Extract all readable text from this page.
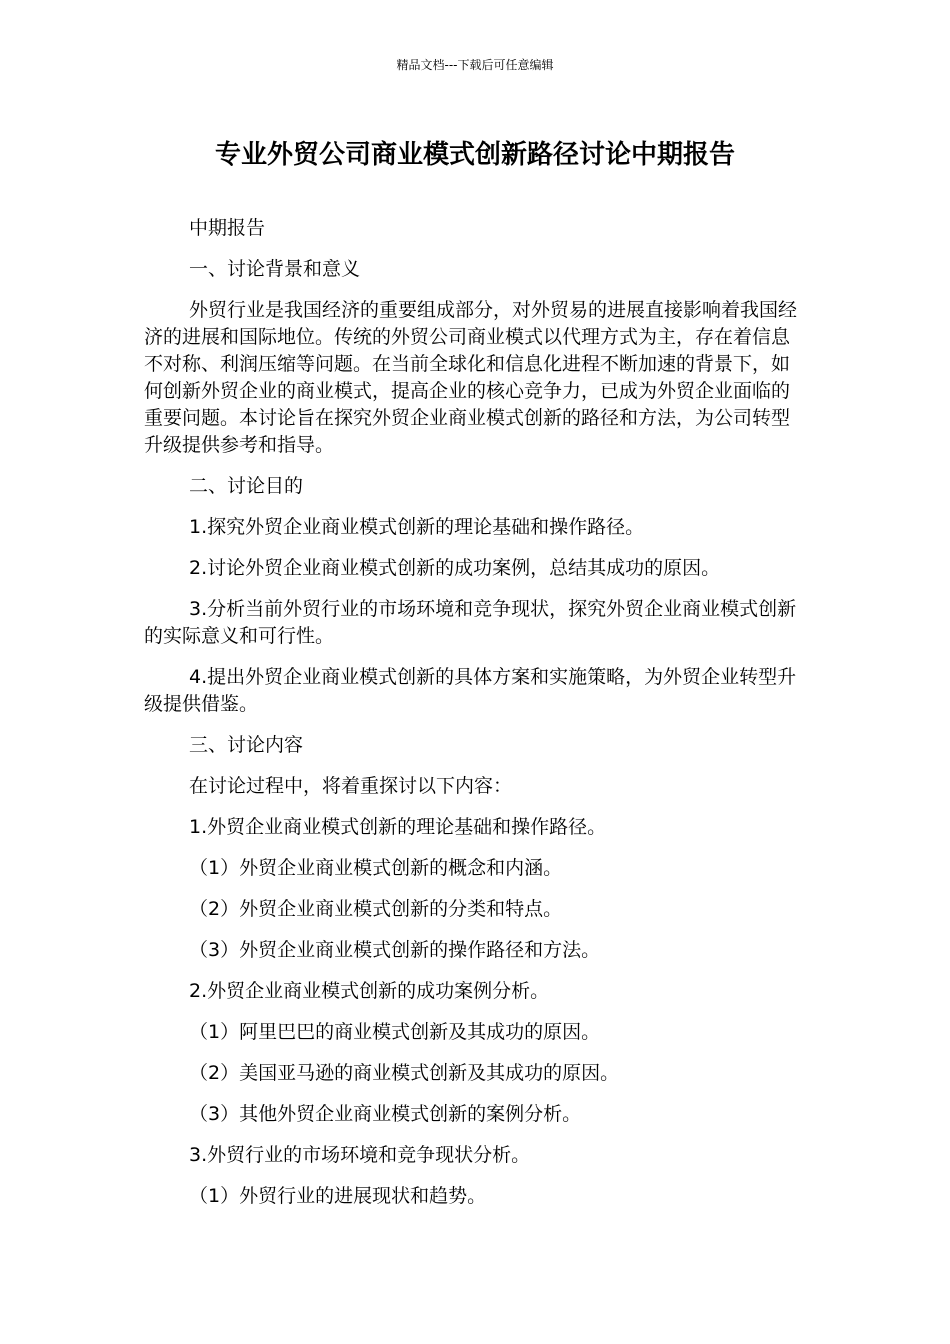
精品文档---下载后可任意编辑
专业外贸公司商业模式创新路径讨论中期报告

中期报告

一、讨论背景和意义

外贸行业是我国经济的重要组成部分，对外贸易的进展直接影响着我国经济的进展和国际地位。传统的外贸公司商业模式以代理方式为主，存在着信息不对称、利润压缩等问题。在当前全球化和信息化进程不断加速的背景下，如何创新外贸企业的商业模式，提高企业的核心竞争力，已成为外贸企业面临的重要问题。本讨论旨在探究外贸企业商业模式创新的路径和方法，为公司转型升级提供参考和指导。

二、讨论目的

1.探究外贸企业商业模式创新的理论基础和操作路径。

2.讨论外贸企业商业模式创新的成功案例，总结其成功的原因。

3.分析当前外贸行业的市场环境和竞争现状，探究外贸企业商业模式创新的实际意义和可行性。

4.提出外贸企业商业模式创新的具体方案和实施策略，为外贸企业转型升级提供借鉴。

三、讨论内容

在讨论过程中，将着重探讨以下内容：

1.外贸企业商业模式创新的理论基础和操作路径。

（1）外贸企业商业模式创新的概念和内涵。

（2）外贸企业商业模式创新的分类和特点。

（3）外贸企业商业模式创新的操作路径和方法。

2.外贸企业商业模式创新的成功案例分析。

（1）阿里巴巴的商业模式创新及其成功的原因。

（2）美国亚马逊的商业模式创新及其成功的原因。

（3）其他外贸企业商业模式创新的案例分析。

3.外贸行业的市场环境和竞争现状分析。

（1）外贸行业的进展现状和趋势。
